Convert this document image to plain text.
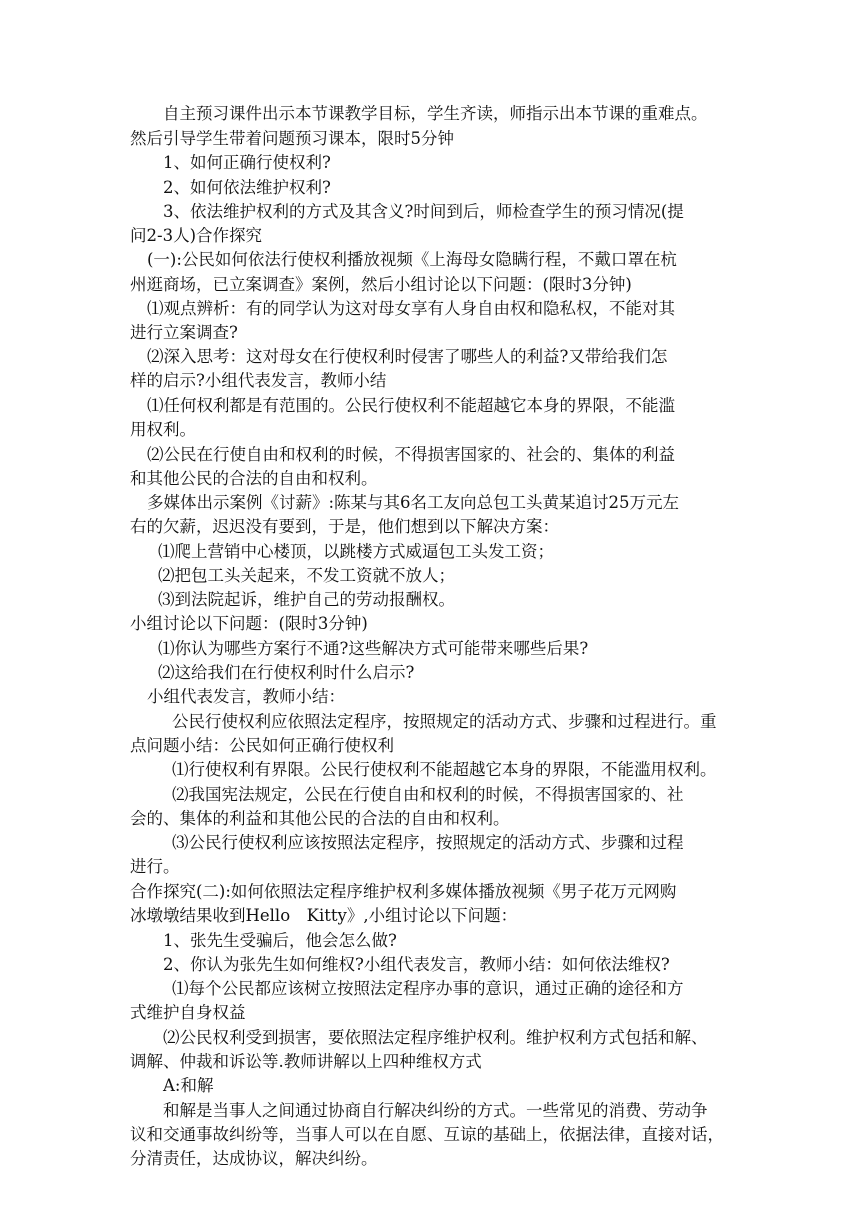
自主预习课件出示本节课教学目标，学生齐读，师指示出本节课的重难点。
然后引导学生带着问题预习课本，限时5分钟
1、如何正确行使权利?
2、如何依法维护权利?
3、依法维护权利的方式及其含义?时间到后，师检查学生的预习情况(提
问2-3人)合作探究
(一):公民如何依法行使权利播放视频《上海母女隐瞒行程，不戴口罩在杭
州逛商场，已立案调查》案例，然后小组讨论以下问题：(限时3分钟)
⑴观点辨析：有的同学认为这对母女享有人身自由权和隐私权，不能对其
进行立案调查?
⑵深入思考：这对母女在行使权利时侵害了哪些人的利益?又带给我们怎
样的启示?小组代表发言，教师小结
⑴任何权利都是有范围的。公民行使权利不能超越它本身的界限，不能滥
用权利。
⑵公民在行使自由和权利的时候，不得损害国家的、社会的、集体的利益
和其他公民的合法的自由和权利。
多媒体出示案例《讨薪》:陈某与其6名工友向总包工头黄某追讨25万元左
右的欠薪，迟迟没有要到，于是，他们想到以下解决方案：
⑴爬上营销中心楼顶，以跳楼方式威逼包工头发工资；
⑵把包工头关起来，不发工资就不放人；
⑶到法院起诉，维护自己的劳动报酬权。
小组讨论以下问题：(限时3分钟)
⑴你认为哪些方案行不通?这些解决方式可能带来哪些后果?
⑵这给我们在行使权利时什么启示?
小组代表发言，教师小结：
公民行使权利应依照法定程序，按照规定的活动方式、步骤和过程进行。重
点问题小结：公民如何正确行使权利
⑴行使权利有界限。公民行使权利不能超越它本身的界限，不能滥用权利。
⑵我国宪法规定，公民在行使自由和权利的时候，不得损害国家的、社
会的、集体的利益和其他公民的合法的自由和权利。
⑶公民行使权利应该按照法定程序，按照规定的活动方式、步骤和过程
进行。
合作探究(二):如何依照法定程序维护权利多媒体播放视频《男子花万元网购
冰墩墩结果收到Hello　Kitty》,小组讨论以下问题：
1、张先生受骗后，他会怎么做?
2、你认为张先生如何维权?小组代表发言，教师小结：如何依法维权?
⑴每个公民都应该树立按照法定程序办事的意识，通过正确的途径和方
式维护自身权益
⑵公民权利受到损害，要依照法定程序维护权利。维护权利方式包括和解、
调解、仲裁和诉讼等.教师讲解以上四种维权方式
A:和解
和解是当事人之间通过协商自行解决纠纷的方式。一些常见的消费、劳动争
议和交通事故纠纷等，当事人可以在自愿、互谅的基础上，依据法律，直接对话，
分清责任，达成协议，解决纠纷。
